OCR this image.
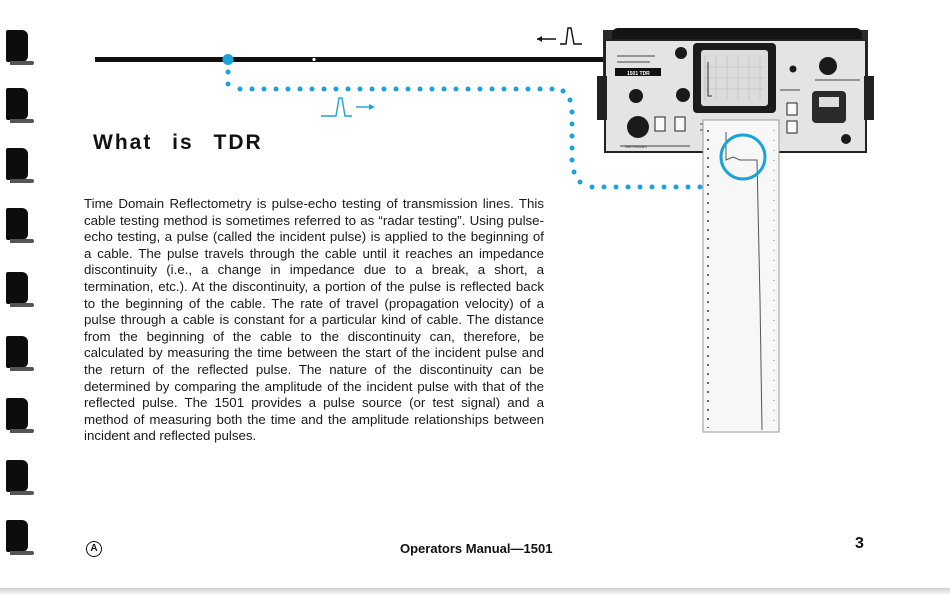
1501 TDR
TEKTRONIX
What is TDR

Time Domain Reflectometry is pulse-echo testing of transmission lines. This cable testing method is sometimes referred to as “radar testing”. Using pulse-echo testing, a pulse (called the incident pulse) is applied to the beginning of a cable. The pulse travels through the cable until it reaches an impedance discontinuity (i.e., a change in impedance due to a break, a short, a termination, etc.). At the discontinuity, a portion of the pulse is reflected back to the beginning of the cable. The rate of travel (propagation velocity) of a pulse through a cable is constant for a particular kind of cable. The distance from the beginning of the cable to the discontinuity can, therefore, be calculated by measuring the time between the start of the incident pulse and the return of the reflected pulse. The nature of the discontinuity can be determined by comparing the amplitude of the incident pulse with that of the reflected pulse. The 1501 provides a pulse source (or test signal) and a method of measuring both the time and the amplitude relationships between incident and reflected pulses.

A	Operators Manual—1501	3
